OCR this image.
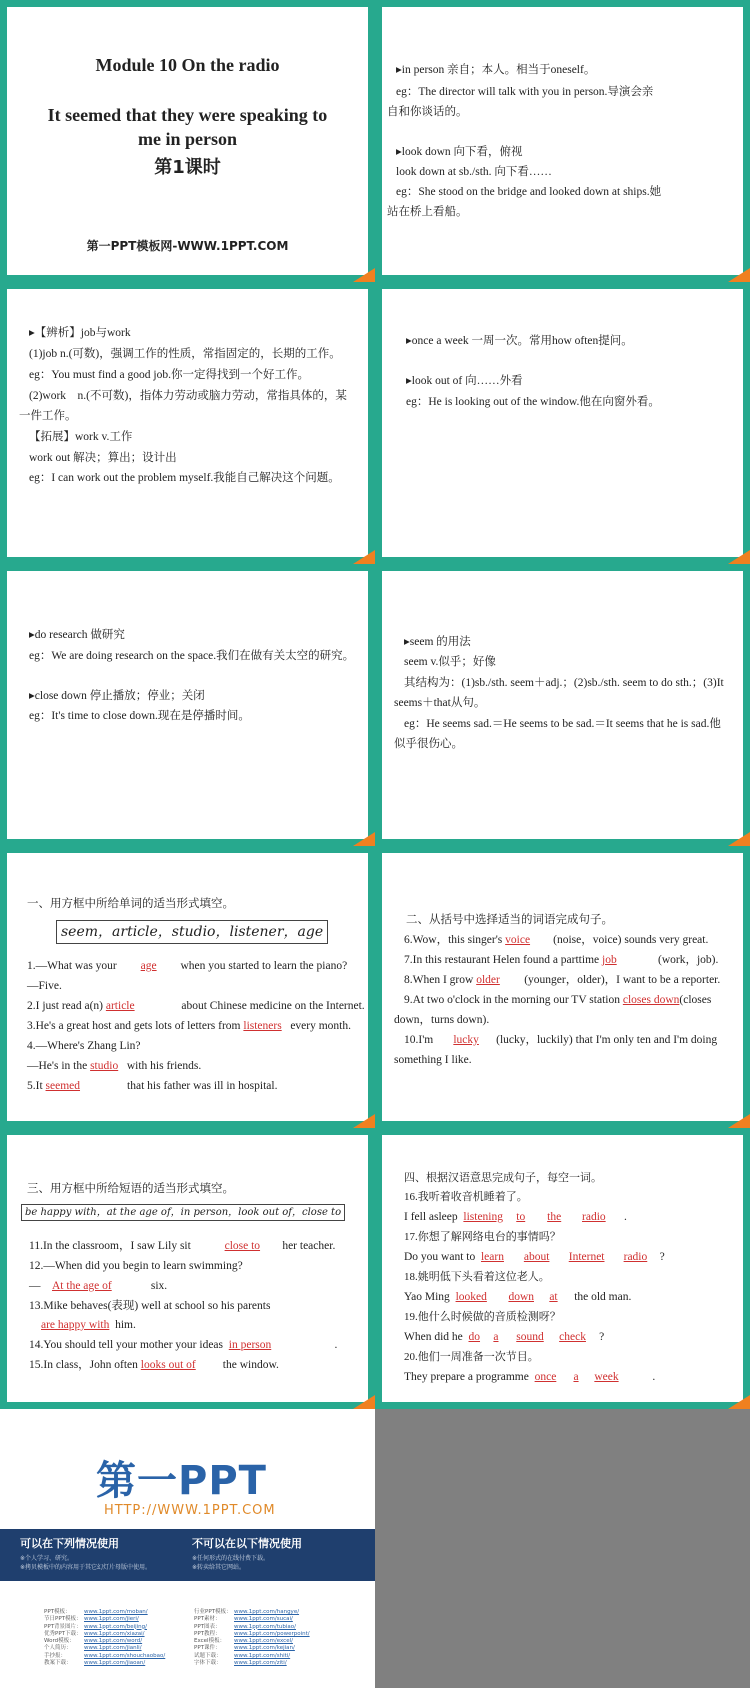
Module 10 On the radio
It seemed that they were speaking to
me in person
第1课时
第一PPT模板网-WWW.1PPT.COM
▸in person 亲自；本人。相当于oneself。
eg：The director will talk with you in person.导演会亲
自和你谈话的。
▸look down 向下看，俯视
look down at sb./sth. 向下看……
eg：She stood on the bridge and looked down at ships.她
站在桥上看船。
▸【辨析】job与work
(1)job n.(可数)，强调工作的性质，常指固定的，长期的工作。
eg：You must find a good job.你一定得找到一个好工作。
(2)work　n.(不可数)，指体力劳动或脑力劳动，常指具体的，某
一件工作。
【拓展】work v.工作
work out 解决；算出；设计出
eg：I can work out the problem myself.我能自己解决这个问题。
▸once a week 一周一次。常用how often提问。
▸look out of 向……外看
eg：He is looking out of the window.他在向窗外看。
▸do research 做研究
eg：We are doing research on the space.我们在做有关太空的研究。
▸close down 停止播放；停业；关闭
eg：It's time to close down.现在是停播时间。
▸seem 的用法
seem v.似乎；好像
其结构为：(1)sb./sth. seem＋adj.；(2)sb./sth. seem to do sth.；(3)It
seems＋that从句。
eg：He seems sad.＝He seems to be sad.＝It seems that he is sad.他
似乎很伤心。
一、用方框中所给单词的适当形式填空。
seem，article，studio，listener，age
1.—What was your age when you started to learn the piano?
—Five.
2.I just read a(n) article	about Chinese medicine on the Internet.
3.He's a great host and gets lots of letters from listeners every month.
4.—Where's Zhang Lin?
—He's in the studio with his friends.
5.It seemed	that his father was ill in hospital.
二、从括号中选择适当的词语完成句子。
6.Wow，this singer's voice (noise，voice) sounds very great.
7.In this restaurant Helen found a parttime job	(work，job).
8.When I grow older (younger，older)，I want to be a reporter.
9.At two o'clock in the morning our TV station closes down(closes
down，turns down).
10.I'm lucky (lucky，luckily) that I'm only ten and I'm doing
something I like.
三、用方框中所给短语的适当形式填空。
be happy with，at the age of，in person，look out of，close to
11.In the classroom，I saw Lily sit	close to her teacher.
12.—When did you begin to learn swimming?
— At the age of	six.
13.Mike behaves(表现) well at school so his parents
are happy with him.
14.You should tell your mother your ideas in person	.
15.In class，John often looks out of the window.
四、根据汉语意思完成句子，每空一词。
16.我听着收音机睡着了。
I fell asleep listening to the radio .
17.你想了解网络电台的事情吗？
Do you want to learn about Internet radio ?
18.姚明低下头看着这位老人。
Yao Ming looked down at the old man.
19.他什么时候做的音质检测呀？
When did he do a sound check ?
20.他们一周准备一次节目。
They prepare a programme once a week	.
第一PPT
HTTP://WWW.1PPT.COM
可以在下列情况使用
※个人学习、研究。
※拷贝模板中的内容用于其它幻灯片母版中使用。
不可以在以下情况使用
※任何形式的在线付费下载。
※转卖给其它网站。
PPT模板： www.1ppt.com/moban/
节日PPT模板： www.1ppt.com/jieri/
PPT背景图片： www.1ppt.com/beijing/
优秀PPT下载： www.1ppt.com/xiazai/
Word模板： www.1ppt.com/word/
个人简历： www.1ppt.com/jianli/
手抄报：	www.1ppt.com/shouchaobao/
教案下载： www.1ppt.com/jiaoan/
行业PPT模板： www.1ppt.com/hangye/
PPT素材： www.1ppt.com/sucai/
PPT图表： www.1ppt.com/tubiao/
PPT教程： www.1ppt.com/powerpoint/
Excel模板： www.1ppt.com/excel/
PPT课件： www.1ppt.com/kejian/
试题下载： www.1ppt.com/shiti/
字体下载： www.1ppt.com/ziti/
